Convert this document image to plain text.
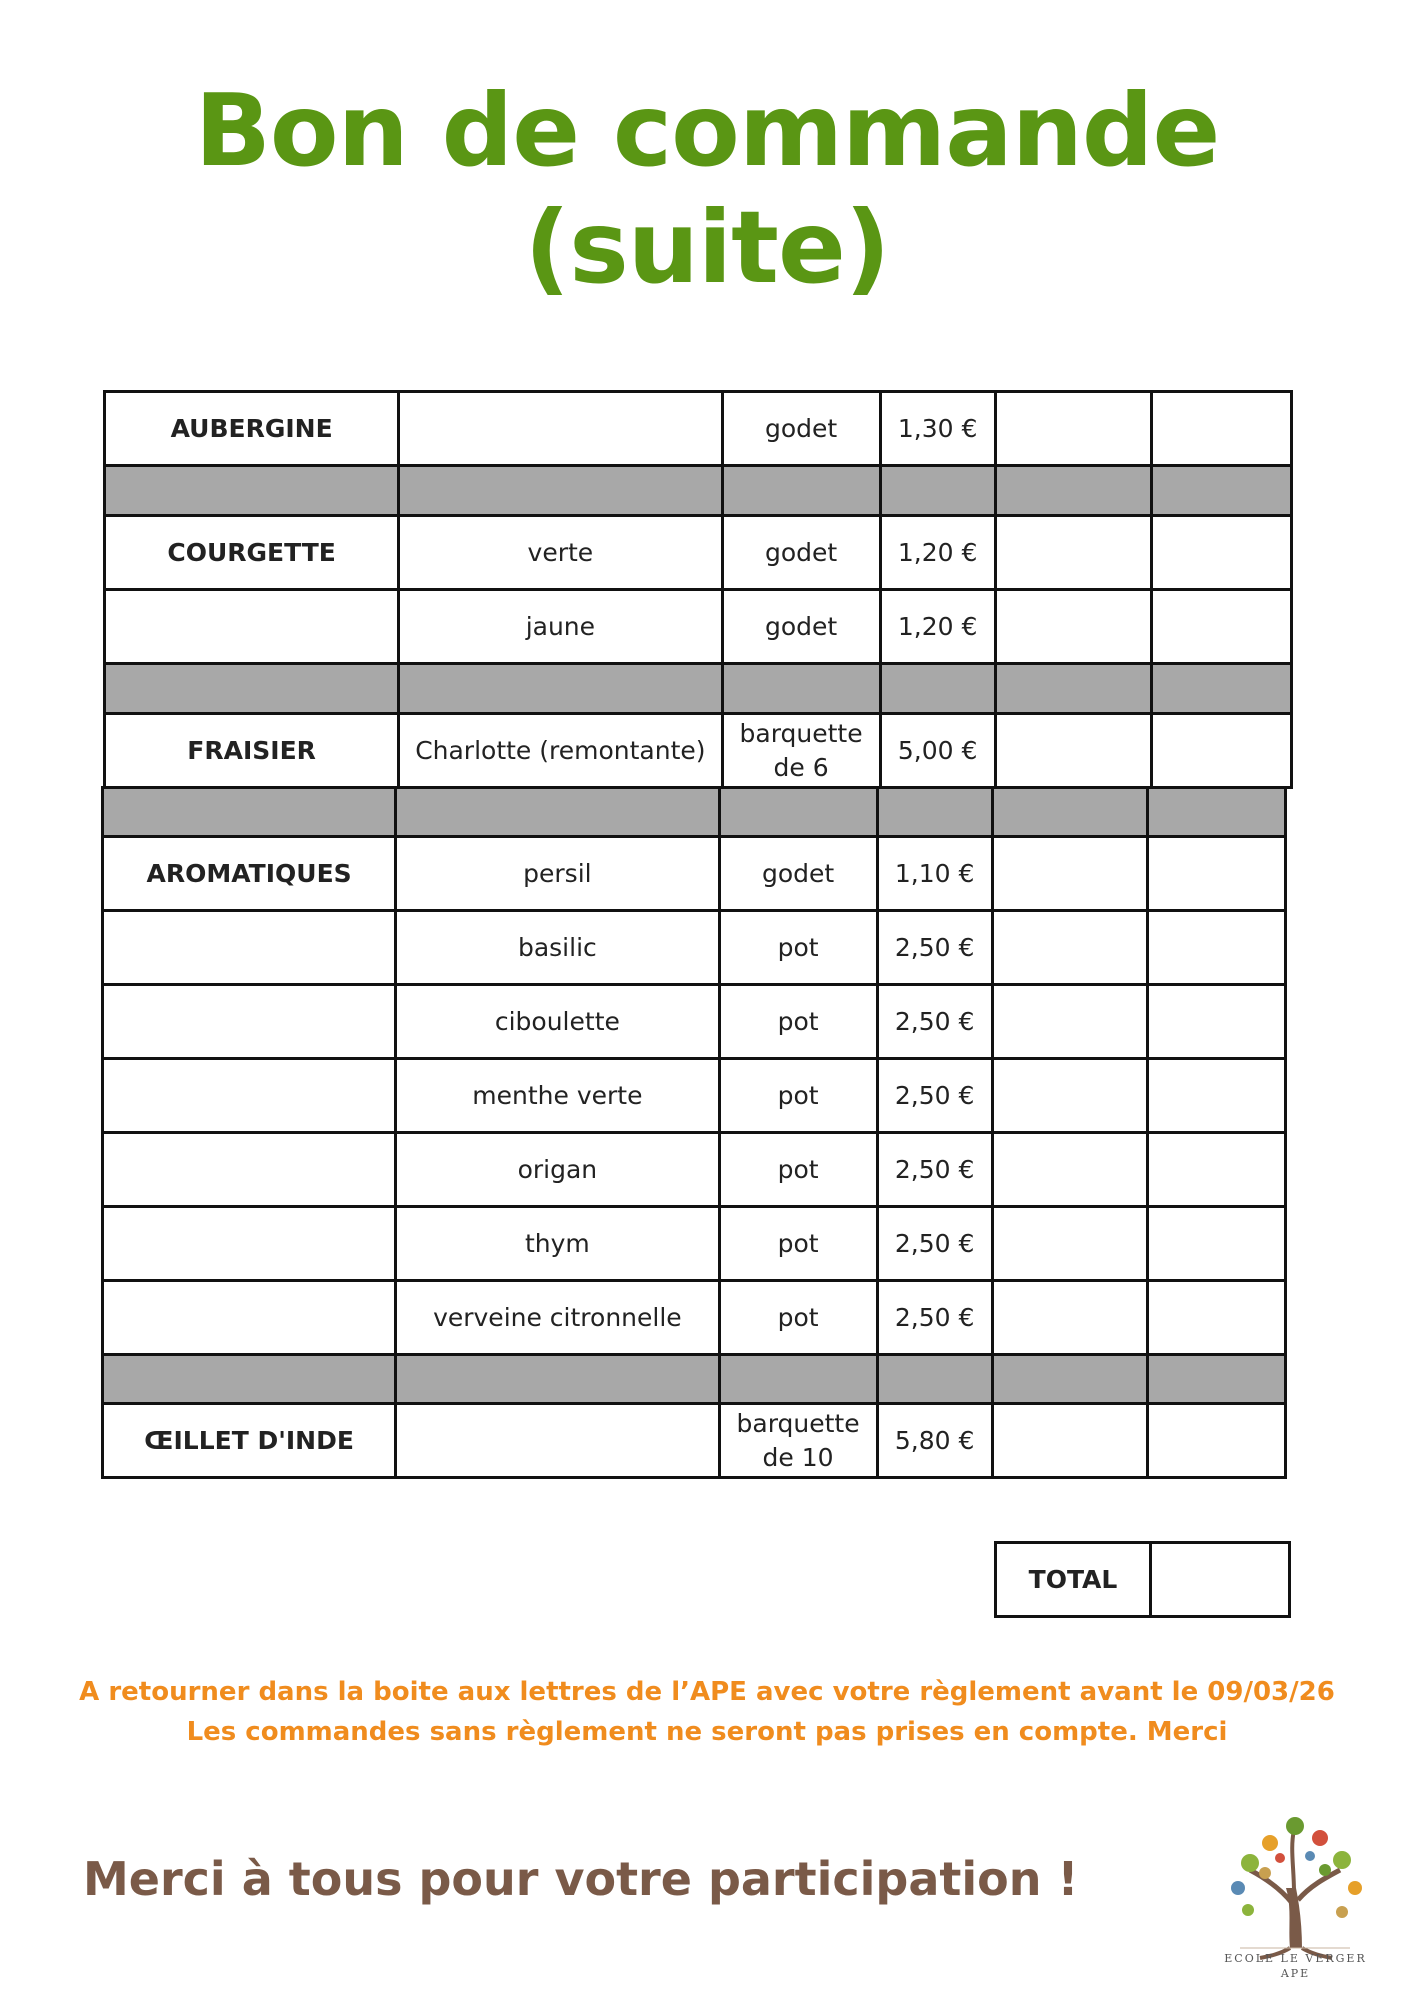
Bon de commande (suite)
AUBERGINE		godet	1,30 €		

COURGETTE	verte	godet	1,20 €		
	jaune	godet	1,20 €		

FRAISIER	Charlotte (remontante)	barquette de 6	5,00 €		

AROMATIQUES	persil	godet	1,10 €		
	basilic	pot	2,50 €		
	ciboulette	pot	2,50 €		
	menthe verte	pot	2,50 €		
	origan	pot	2,50 €		
	thym	pot	2,50 €		
	verveine citronnelle	pot	2,50 €		

ŒILLET D'INDE		barquette de 10	5,80 €		
TOTAL	
A retourner dans la boite aux lettres de l’APE avec votre règlement avant le 09/03/26
Les commandes sans règlement ne seront pas prises en compte. Merci
Merci à tous pour votre participation !
ECOLE LE VERGER
APE
